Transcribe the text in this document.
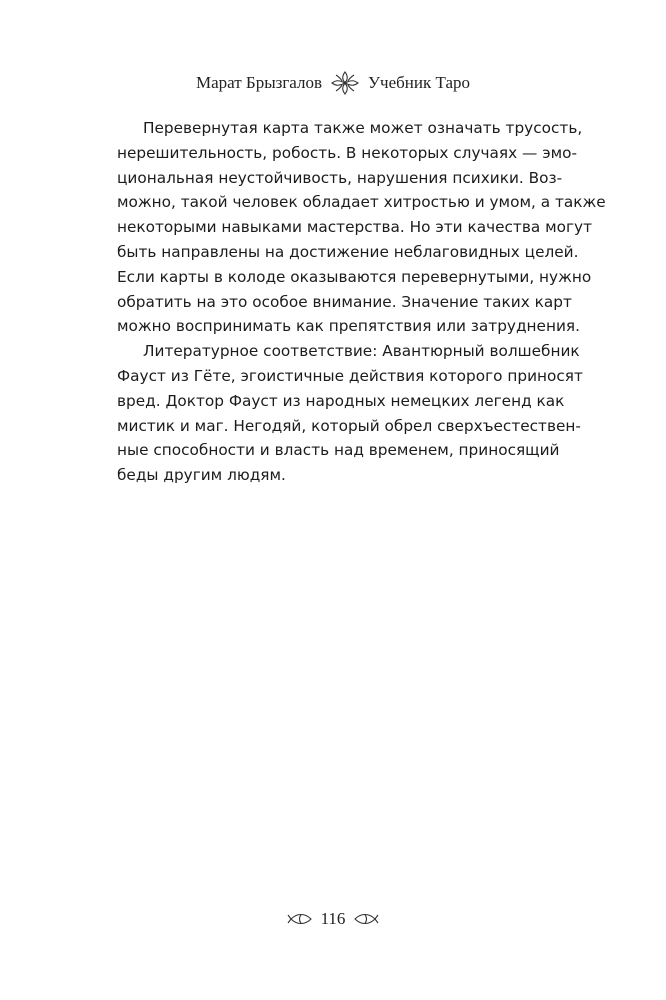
Марат Брызгалов	Учебник Таро
Перевернутая карта также может означать трусость,
нерешительность, робость. В некоторых случаях — эмо-
циональная неустойчивость, нарушения психики. Воз-
можно, такой человек обладает хитростью и умом, а также
некоторыми навыками мастерства. Но эти качества могут
быть направлены на достижение неблаговидных целей.
Если карты в колоде оказываются перевернутыми, нужно
обратить на это особое внимание. Значение таких карт
можно воспринимать как препятствия или затруднения.
Литературное соответствие: Авантюрный волшебник
Фауст из Гёте, эгоистичные действия которого приносят
вред. Доктор Фауст из народных немецких легенд как
мистик и маг. Негодяй, который обрел сверхъестествен-
ные способности и власть над временем, приносящий
беды другим людям.
116
